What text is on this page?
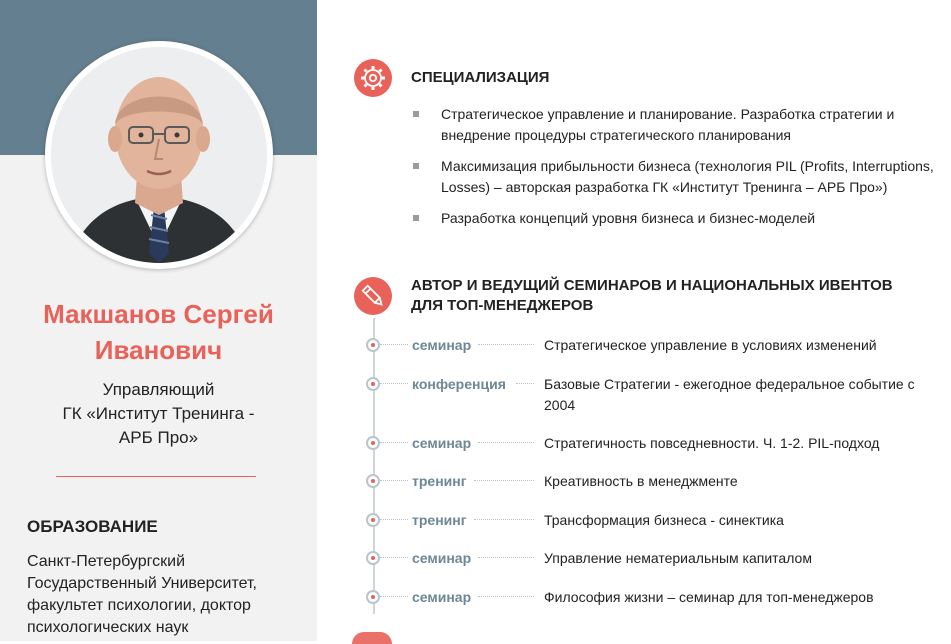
Макшанов Сергей
Иванович
Управляющий
ГК «Институт Тренинга -
АРБ Про»
ОБРАЗОВАНИЕ
Санкт-Петербургский
Государственный Университет,
факультет психологии, доктор
психологических наук
СПЕЦИАЛИЗАЦИЯ
Стратегическое управление и планирование. Разработка стратегии и внедрение процедуры стратегического планирования
Максимизация прибыльности бизнеса (технология PIL (Profits, Interruptions, Losses) – авторская разработка ГК «Институт Тренинга – АРБ Про»)
Разработка концепций уровня бизнеса и бизнес-моделей
АВТОР И ВЕДУЩИЙ СЕМИНАРОВ И НАЦИОНАЛЬНЫХ ИВЕНТОВ
ДЛЯ ТОП-МЕНЕДЖЕРОВ
семинар	Стратегическое управление в условиях изменений
конференция	Базовые Стратегии - ежегодное федеральное событие с 2004
семинар	Стратегичность повседневности. Ч. 1-2. PIL-подход
тренинг	Креативность в менеджменте
тренинг	Трансформация бизнеса - синектика
семинар	Управление нематериальным капиталом
семинар	Философия жизни – семинар для топ-менеджеров
